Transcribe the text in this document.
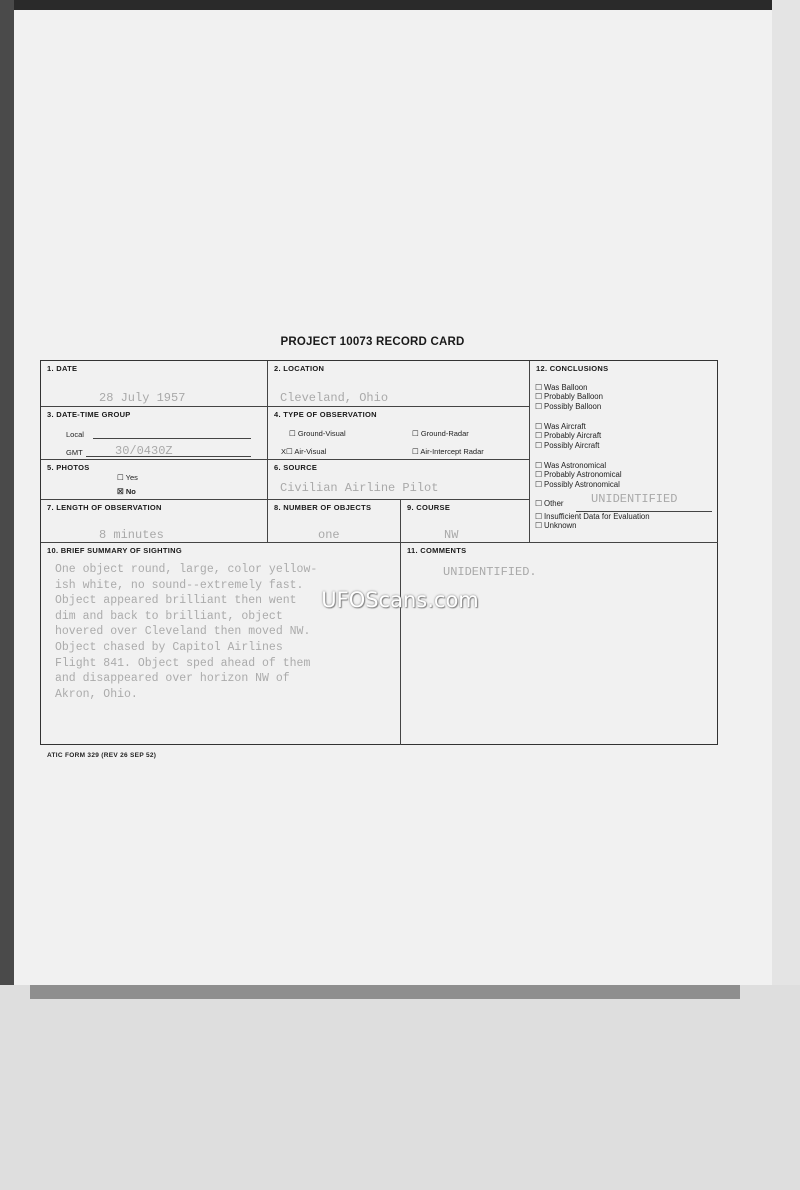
PROJECT 10073 RECORD CARD
1. DATE
28 July 1957
2. LOCATION
Cleveland, Ohio
3. DATE-TIME GROUP
Local
GMT	30/0430Z
4. TYPE OF OBSERVATION
☐ Ground-Visual	☐ Ground-Radar
X☐ Air-Visual	☐ Air-Intercept Radar
5. PHOTOS
☐ Yes
☒ No
6. SOURCE
Civilian Airline Pilot
7. LENGTH OF OBSERVATION
8 minutes
8. NUMBER OF OBJECTS
one
9. COURSE
NW
12. CONCLUSIONS
☐ Was Balloon
☐ Probably Balloon
☐ Possibly Balloon
☐ Was Aircraft
☐ Probably Aircraft
☐ Possibly Aircraft
☐ Was Astronomical
☐ Probably Astronomical
☐ Possibly Astronomical
☐ Other UNIDENTIFIED
☐ Insufficient Data for Evaluation
☐ Unknown
10. BRIEF SUMMARY OF SIGHTING
One object round, large, color yellow-
ish white, no sound--extremely fast.
Object appeared brilliant then went
dim and back to brilliant, object
hovered over Cleveland then moved NW.
Object chased by Capitol Airlines
Flight 841. Object sped ahead of them
and disappeared over horizon NW of
Akron, Ohio.
11. COMMENTS
UNIDENTIFIED.
ATIC FORM 329 (REV 26 SEP 52)
UFOScans.com
